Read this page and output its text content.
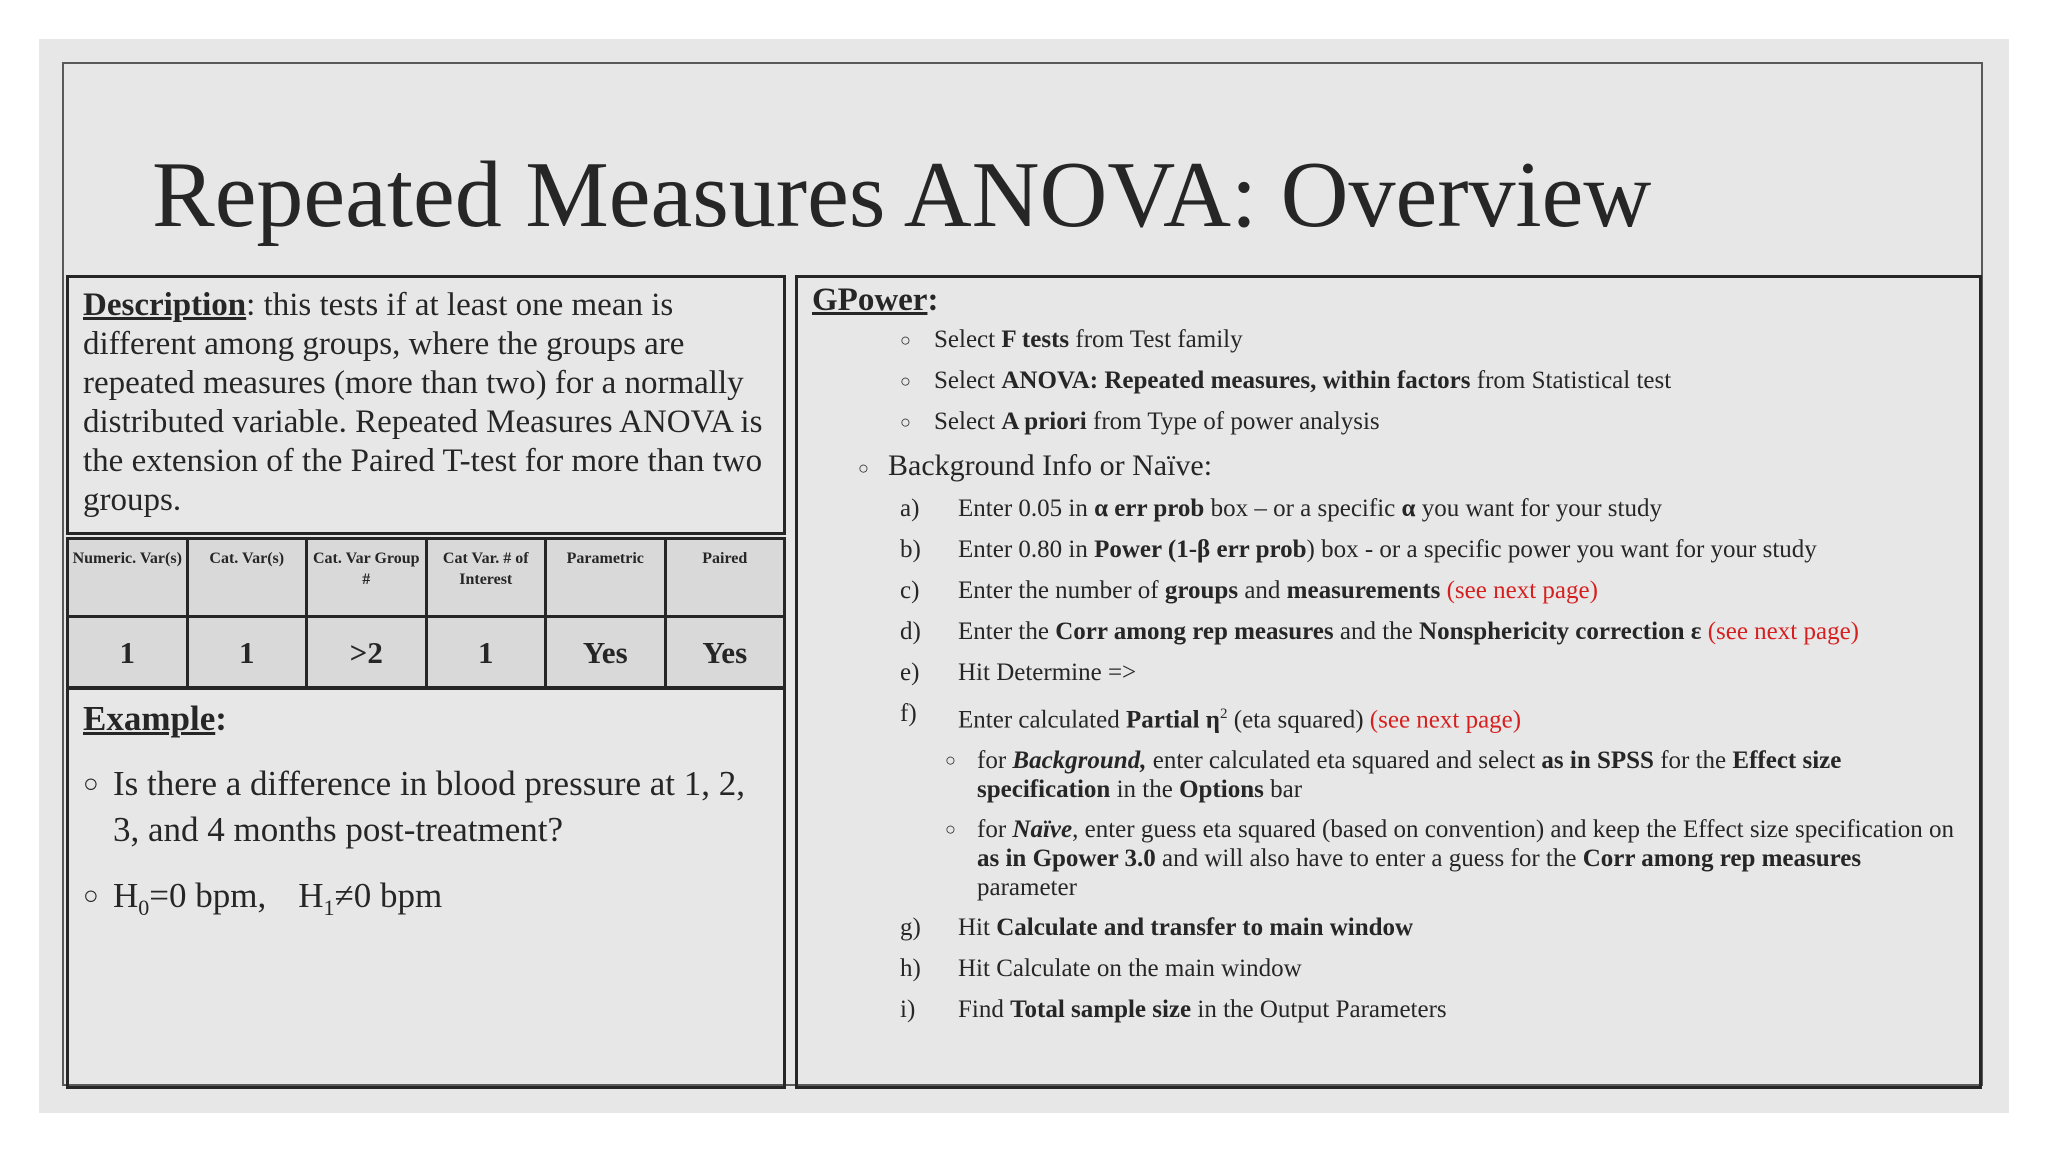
Repeated Measures ANOVA: Overview

Description: this tests if at least one mean is different among groups, where the groups are repeated measures (more than two) for a normally distributed variable. Repeated Measures ANOVA is the extension of the Paired T-test for more than two groups.

Numeric. Var(s)	Cat. Var(s)	Cat. Var Group #	Cat Var. # of Interest	Parametric	Paired
1	1	>2	1	Yes	Yes

Example:

○ Is there a difference in blood pressure at 1, 2, 3, and 4 months post-treatment?
○ $H_0=0$ bpm, $H_1\ne 0$ bpm

GPower:

○ Select F tests from Test family
○ Select ANOVA: Repeated measures, within factors from Statistical test
○ Select A priori from Type of power analysis
○ Background Info or Naïve:
a) Enter 0.05 in α err prob box – or a specific α you want for your study
b) Enter 0.80 in Power (1-β err prob) box - or a specific power you want for your study
c) Enter the number of groups and measurements (see next page)
d) Enter the Corr among rep measures and the Nonsphericity correction ε (see next page)
e) Hit Determine =>
f) Enter calculated Partial $\eta^2$ (eta squared) (see next page)
○ for Background, enter calculated eta squared and select as in SPSS for the Effect size specification in the Options bar
○ for Naïve, enter guess eta squared (based on convention) and keep the Effect size specification on as in Gpower 3.0 and will also have to enter a guess for the Corr among rep measures parameter
g) Hit Calculate and transfer to main window
h) Hit Calculate on the main window
i) Find Total sample size in the Output Parameters
